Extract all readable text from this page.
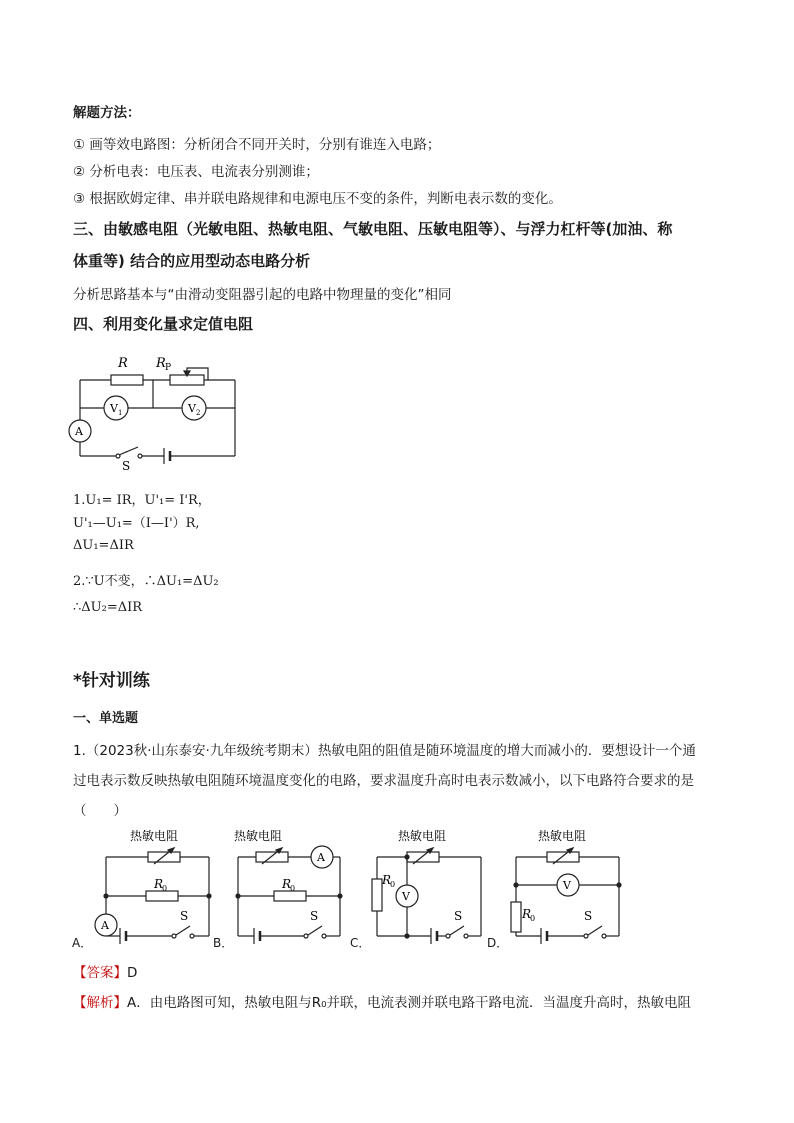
解题方法：
① 画等效电路图：分析闭合不同开关时，分别有谁连入电路；
② 分析电表：电压表、电流表分别测谁；
③ 根据欧姆定律、串并联电路规律和电源电压不变的条件，判断电表示数的变化。
三、由敏感电阻（光敏电阻、热敏电阻、气敏电阻、压敏电阻等）、与浮力杠杆等(加油、称
体重等) 结合的应用型动态电路分析
分析思路基本与“由滑动变阻器引起的电路中物理量的变化”相同
四、利用变化量求定值电阻
R R P
V 1	V 2
A
S
1.U₁= IR，U'₁= I'R，
U'₁—U₁=（I—I'）R,
ΔU₁=ΔIR
2.∵U不变，∴ΔU₁=ΔU₂
∴ΔU₂=ΔIR
*针对训练
一、单选题
1.（2023秋·山东泰安·九年级统考期末）热敏电阻的阻值是随环境温度的增大而减小的．要想设计一个通
过电表示数反映热敏电阻随环境温度变化的电路，要求温度升高时电表示数减小，以下电路符合要求的是
（　　）
热敏电阻
R
0
A
S
热敏电阻
R
0
A
S
热敏电阻
R
0
V
S
热敏电阻
R
0
V
S
A．	B．	C．	D．
【答案】D
【解析】A．由电路图可知，热敏电阻与R₀并联，电流表测并联电路干路电流．当温度升高时，热敏电阻
